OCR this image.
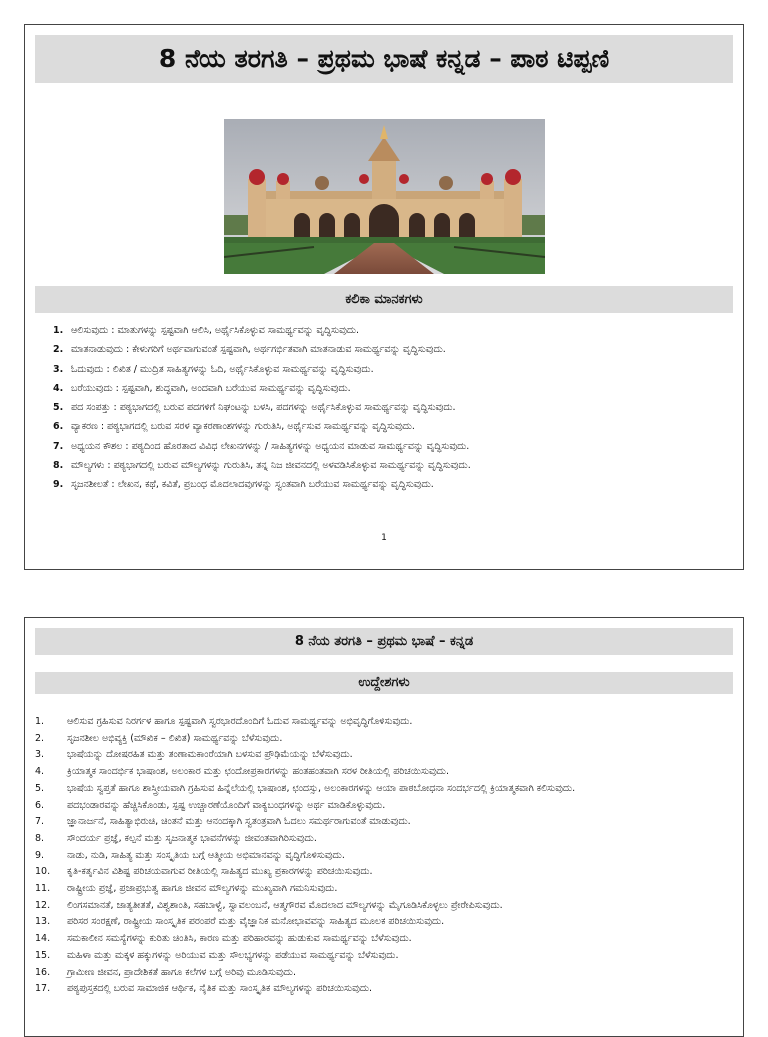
8 ನೆಯ ತರಗತಿ – ಪ್ರಥಮ ಭಾಷೆ ಕನ್ನಡ – ಪಾಠ ಟಿಪ್ಪಣಿ
ಕಲಿಕಾ ಮಾನಕಗಳು
1. ಆಲಿಸುವುದು : ಮಾತುಗಳನ್ನು ಸ್ಪಷ್ಟವಾಗಿ ಆಲಿಸಿ, ಅರ್ಥೈಸಿಕೊಳ್ಳುವ ಸಾಮರ್ಥ್ಯವನ್ನು ವೃದ್ಧಿಸುವುದು.
2. ಮಾತನಾಡುವುದು : ಕೇಳುಗರಿಗೆ ಅರ್ಥವಾಗುವಂತೆ ಸ್ಪಷ್ಟವಾಗಿ, ಅರ್ಥಗರ್ಭಿತವಾಗಿ ಮಾತನಾಡುವ ಸಾಮರ್ಥ್ಯವನ್ನು ವೃದ್ಧಿಸುವುದು.
3. ಓದುವುದು : ಲಿಖಿತ / ಮುದ್ರಿತ ಸಾಹಿತ್ಯಗಳನ್ನು ಓದಿ, ಅರ್ಥೈಸಿಕೊಳ್ಳುವ ಸಾಮರ್ಥ್ಯವನ್ನು ವೃದ್ಧಿಸುವುದು.
4. ಬರೆಯುವುದು : ಸ್ಪಷ್ಟವಾಗಿ, ಶುದ್ಧವಾಗಿ, ಅಂದವಾಗಿ ಬರೆಯುವ ಸಾಮರ್ಥ್ಯವನ್ನು ವೃದ್ಧಿಸುವುದು.
5. ಪದ ಸಂಪತ್ತು : ಪಠ್ಯಭಾಗದಲ್ಲಿ ಬರುವ ಪದಗಳಿಗೆ ನಿಘಂಟನ್ನು ಬಳಸಿ, ಪದಗಳನ್ನು ಅರ್ಥೈಸಿಕೊಳ್ಳುವ ಸಾಮರ್ಥ್ಯವನ್ನು ವೃದ್ಧಿಸುವುದು.
6. ವ್ಯಾಕರಣ : ಪಠ್ಯಭಾಗದಲ್ಲಿ ಬರುವ ಸರಳ ವ್ಯಾಕರಣಾಂಶಗಳನ್ನು ಗುರುತಿಸಿ, ಅರ್ಥೈಸುವ ಸಾಮರ್ಥ್ಯವನ್ನು ವೃದ್ಧಿಸುವುದು.
7. ಅಧ್ಯಯನ ಕೌಶಲ : ಪಠ್ಯದಿಂದ ಹೊರತಾದ ವಿವಿಧ ಲೇಖನಗಳನ್ನು / ಸಾಹಿತ್ಯಗಳನ್ನು ಅಧ್ಯಯನ ಮಾಡುವ ಸಾಮರ್ಥ್ಯವನ್ನು ವೃದ್ಧಿಸುವುದು.
8. ಮೌಲ್ಯಗಳು : ಪಠ್ಯಭಾಗದಲ್ಲಿ ಬರುವ ಮೌಲ್ಯಗಳನ್ನು ಗುರುತಿಸಿ, ತನ್ನ ನಿಜ ಜೀವನದಲ್ಲಿ ಅಳವಡಿಸಿಕೊಳ್ಳುವ ಸಾಮರ್ಥ್ಯವನ್ನು ವೃದ್ಧಿಸುವುದು.
9. ಸೃಜನಶೀಲತೆ : ಲೇಖನ, ಕಥೆ, ಕವಿತೆ, ಪ್ರಬಂಧ ಮೊದಲಾದವುಗಳನ್ನು ಸ್ವಂತವಾಗಿ ಬರೆಯುವ ಸಾಮರ್ಥ್ಯವನ್ನು ವೃದ್ಧಿಸುವುದು.
1
8 ನೆಯ ತರಗತಿ – ಪ್ರಥಮ ಭಾಷೆ – ಕನ್ನಡ
ಉದ್ದೇಶಗಳು
1.	ಆಲಿಸುವ ಗ್ರಹಿಸುವ ನಿರರ್ಗಳ ಹಾಗೂ ಸ್ಪಷ್ಟವಾಗಿ ಸ್ವರಭಾರದೊಂದಿಗೆ ಓದುವ ಸಾಮರ್ಥ್ಯವನ್ನು ಅಭಿವೃದ್ಧಿಗೊಳಿಸುವುದು.
2.	ಸೃಜನಶೀಲ ಅಭಿವ್ಯಕ್ತಿ (ಮೌಖಿಕ – ಲಿಖಿತ) ಸಾಮರ್ಥ್ಯವನ್ನು ಬೆಳೆಸುವುದು.
3.	ಭಾಷೆಯನ್ನು ದೋಷರಹಿತ ಮತ್ತು ತಂಣಾಮಕಾಂರೆಯಾಗಿ ಬಳಸುವ ಪ್ರೌಢಿಮೆಯನ್ನು ಬೆಳೆಸುವುದು.
4.	ಕ್ರಿಯಾತ್ಮಕ ಸಾಂದರ್ಭಿಕ ಭಾಷಾಂಶ, ಅಲಂಕಾರ ಮತ್ತು ಛಂದೋಪ್ರಕಾರಗಳನ್ನು ಹಂತಹಂತವಾಗಿ ಸರಳ ರೀತಿಯಲ್ಲಿ ಪರಿಚಯಿಸುವುದು.
5.	ಭಾಷೆಯ ಸ್ವಪ್ತತೆ ಹಾಗೂ ಶಾಸ್ತ್ರೀಯವಾಗಿ ಗ್ರಹಿಸುವ ಹಿನ್ನೆಲೆಯಲ್ಲಿ ಭಾಷಾಂಶ, ಛಂದಸ್ಸು, ಅಲಂಕಾರಗಳನ್ನು ಆಯಾ ಪಾಠಬೋಧನಾ ಸಂದರ್ಭದಲ್ಲಿ ಕ್ರಿಯಾತ್ಮಕವಾಗಿ ಕಲಿಸುವುದು.
6.	ಪದಭಂಡಾರವನ್ನು ಹೆಚ್ಚಿಸಿಕೊಂಡು, ಸ್ಪಷ್ಟ ಉಚ್ಚಾರಣೆಯೊಂದಿಗೆ ವಾಕ್ಯಬಂಧಗಳನ್ನು ಅರ್ಥ ಮಾಡಿಕೊಳ್ಳುವುದು.
7.	ಜ್ಞಾನಾರ್ಜನೆ, ಸಾಹಿತ್ಯಾಭಿರುಚಿ, ಚಿಂತನೆ ಮತ್ತು ಆನಂದಕ್ಕಾಗಿ ಸ್ವತಂತ್ರವಾಗಿ ಓದಲು ಸಮರ್ಥರಾಗುವಂತೆ ಮಾಡುವುದು.
8.	ಸೌಂದರ್ಯ ಪ್ರಜ್ಞೆ, ಕಲ್ಪನೆ ಮತ್ತು ಸೃಜನಾತ್ಮಕ ಭಾವನೆಗಳನ್ನು ಜೀವಂತವಾಗಿರಿಸುವುದು.
9.	ನಾಡು, ನುಡಿ, ಸಾಹಿತ್ಯ ಮತ್ತು ಸಂಸ್ಕೃತಿಯ ಬಗ್ಗೆ ಆತ್ಮೀಯ ಅಭಿಮಾನವನ್ನು ವೃದ್ಧಿಗೊಳಿಸುವುದು.
10.	ಕೃತಿ-ಕರ್ತೃವಿನ ವಿಶಿಷ್ಟ ಪರಿಚಯವಾಗುವ ರೀತಿಯಲ್ಲಿ ಸಾಹಿತ್ಯದ ಮುಖ್ಯ ಪ್ರಕಾರಗಳನ್ನು ಪರಿಚಯಿಸುವುದು.
11.	ರಾಷ್ಟ್ರೀಯ ಪ್ರಜ್ಞೆ, ಪ್ರಜಾಪ್ರಭುತ್ವ ಹಾಗೂ ಜೀವನ ಮೌಲ್ಯಗಳನ್ನು ಮುಖ್ಯವಾಗಿ ಗಮನಿಸುವುದು.
12.	ಲಿಂಗಸಮಾನತೆ, ಜಾತ್ಯತೀತತೆ, ವಿಶ್ವಶಾಂತಿ, ಸಹಬಾಳ್ವೆ, ಸ್ವಾವಲಂಬನೆ, ಆತ್ಮಗೌರವ ಮೊದಲಾದ ಮೌಲ್ಯಗಳನ್ನು ಮೈಗೂಡಿಸಿಕೊಳ್ಳಲು ಪ್ರೇರೇಪಿಸುವುದು.
13.	ಪರಿಸರ ಸಂರಕ್ಷಣೆ, ರಾಷ್ಟ್ರೀಯ ಸಾಂಸ್ಕೃತಿಕ ಪರಂಪರೆ ಮತ್ತು ವೈಜ್ಞಾನಿಕ ಮನೋಭಾವವನ್ನು ಸಾಹಿತ್ಯದ ಮೂಲಕ ಪರಿಚಯಿಸುವುದು.
14.	ಸಮಕಾಲೀನ ಸಮಸ್ಯೆಗಳನ್ನು ಕುರಿತು ಚಿಂತಿಸಿ, ಕಾರಣ ಮತ್ತು ಪರಿಹಾರವನ್ನು ಹುಡುಕುವ ಸಾಮರ್ಥ್ಯವನ್ನು ಬೆಳೆಸುವುದು.
15.	ಮಹಿಳಾ ಮತ್ತು ಮಕ್ಕಳ ಹಕ್ಕುಗಳನ್ನು ಅರಿಯುವ ಮತ್ತು ಸೌಲಭ್ಯಗಳನ್ನು ಪಡೆಯುವ ಸಾಮರ್ಥ್ಯವನ್ನು ಬೆಳೆಸುವುದು.
16.	ಗ್ರಾಮೀಣ ಜೀವನ, ಪ್ರಾದೇಶಿಕತೆ ಹಾಗೂ ಕಲೆಗಳ ಬಗ್ಗೆ ಅರಿವು ಮೂಡಿಸುವುದು.
17.	ಪಠ್ಯಪುಸ್ತಕದಲ್ಲಿ ಬರುವ ಸಾಮಾಜಿಕ ಆರ್ಥಿಕ, ನೈತಿಕ ಮತ್ತು ಸಾಂಸ್ಕೃತಿಕ ಮೌಲ್ಯಗಳನ್ನು ಪರಿಚಯಿಸುವುದು.
